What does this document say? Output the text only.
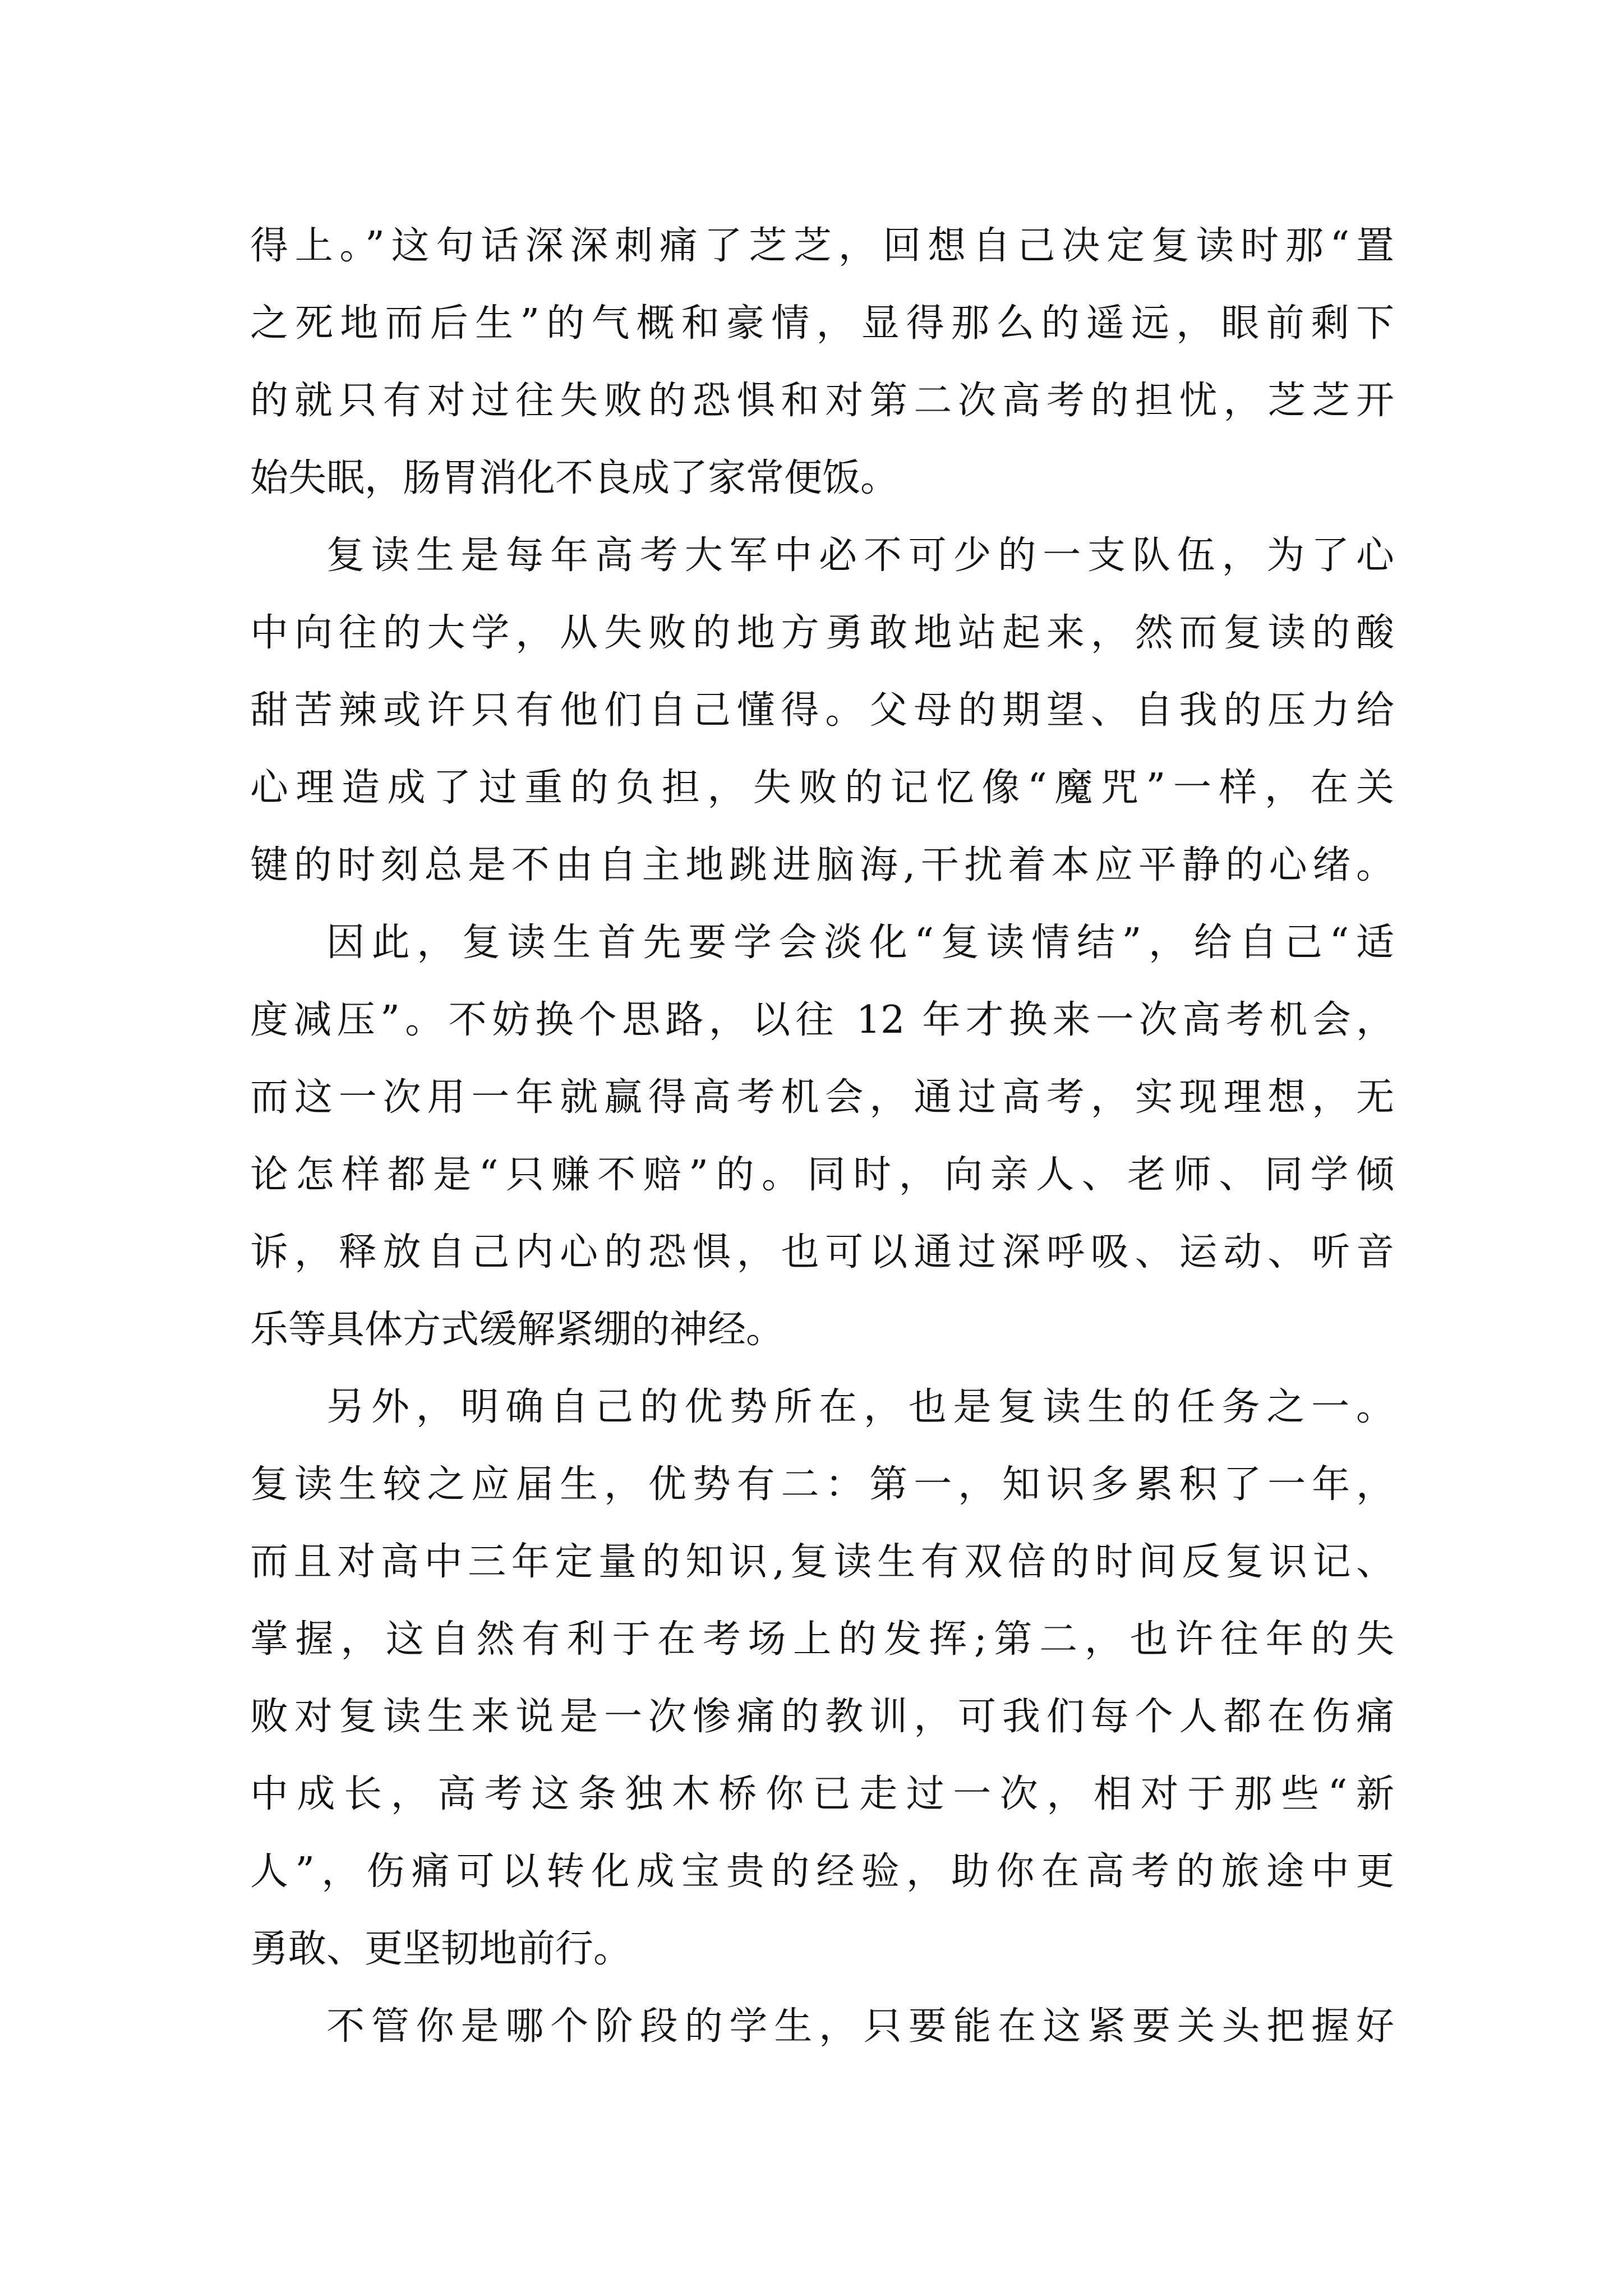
得上。”这句话深深刺痛了芝芝，回想自己决定复读时那“置
之死地而后生”的气概和豪情，显得那么的遥远，眼前剩下
的就只有对过往失败的恐惧和对第二次高考的担忧，芝芝开
始失眠，肠胃消化不良成了家常便饭。
复读生是每年高考大军中必不可少的一支队伍，为了心
中向往的大学，从失败的地方勇敢地站起来，然而复读的酸
甜苦辣或许只有他们自己懂得。父母的期望、自我的压力给
心理造成了过重的负担，失败的记忆像“魔咒”一样，在关
键的时刻总是不由自主地跳进脑海,干扰着本应平静的心绪。
因此，复读生首先要学会淡化“复读情结”，给自己“适
度减压”。不妨换个思路，以往 12 年才换来一次高考机会，
而这一次用一年就赢得高考机会，通过高考，实现理想，无
论怎样都是“只赚不赔”的。同时，向亲人、老师、同学倾
诉，释放自己内心的恐惧，也可以通过深呼吸、运动、听音
乐等具体方式缓解紧绷的神经。
另外，明确自己的优势所在，也是复读生的任务之一。
复读生较之应届生，优势有二：第一，知识多累积了一年，
而且对高中三年定量的知识,复读生有双倍的时间反复识记、
掌握，这自然有利于在考场上的发挥;第二，也许往年的失
败对复读生来说是一次惨痛的教训，可我们每个人都在伤痛
中成长，高考这条独木桥你已走过一次，相对于那些“新
人”，伤痛可以转化成宝贵的经验，助你在高考的旅途中更
勇敢、更坚韧地前行。
不管你是哪个阶段的学生，只要能在这紧要关头把握好
